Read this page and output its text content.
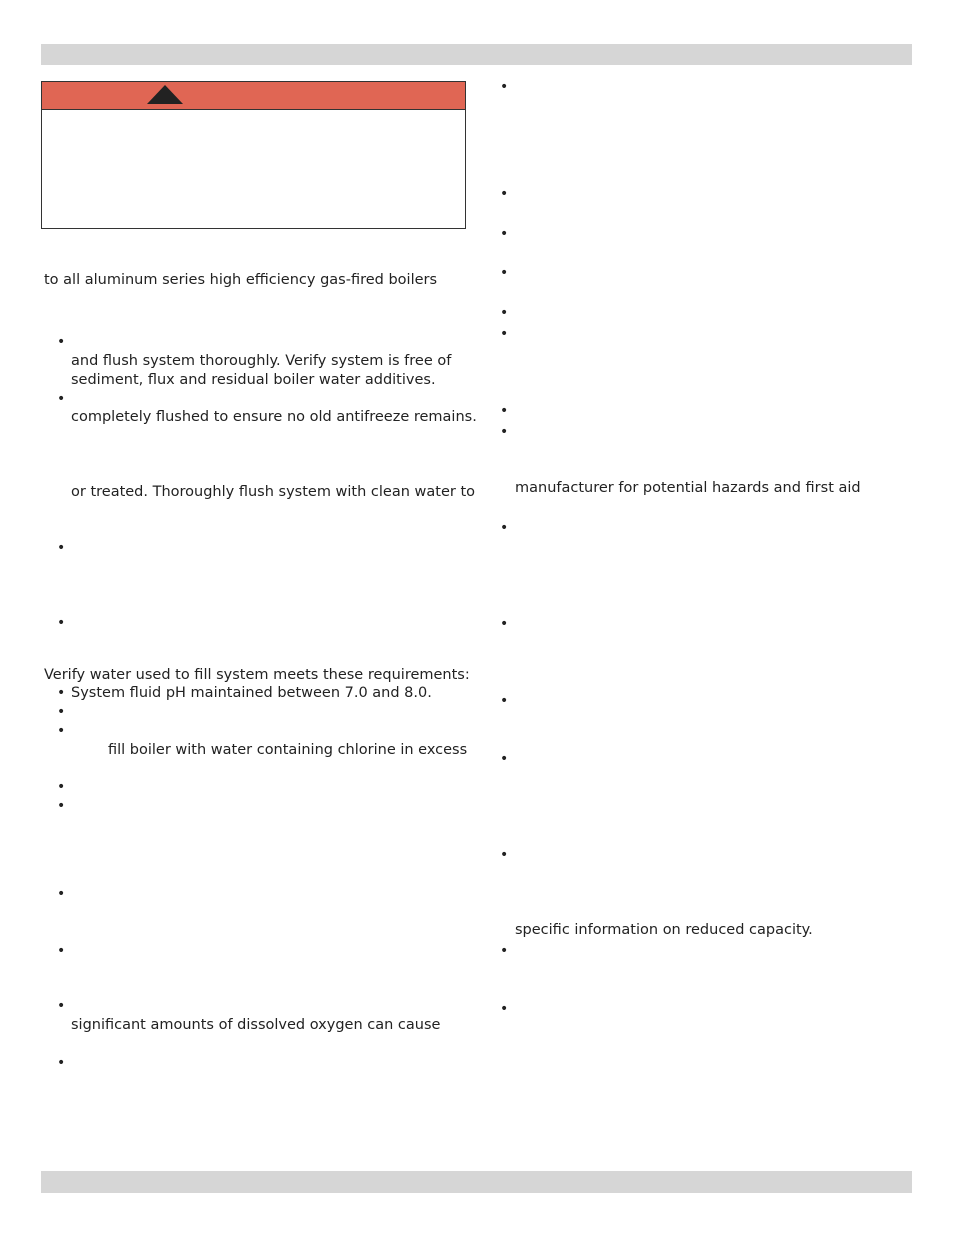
to all aluminum series high efficiency gas-fired boilers
•
and flush system thoroughly. Verify system is free of
sediment, flux and residual boiler water additives.
•
completely flushed to ensure no old antifreeze remains.
or treated. Thoroughly flush system with clean water to
•
•
Verify water used to fill system meets these requirements:
• System fluid pH maintained between 7.0 and 8.0.
•
•
fill boiler with water containing chlorine in excess
•
•
•
•
•
significant amounts of dissolved oxygen can cause
•
•
•
•
•
•
•
•
•
manufacturer for potential hazards and first aid
•
•
•
•
•
specific information on reduced capacity.
•
•
